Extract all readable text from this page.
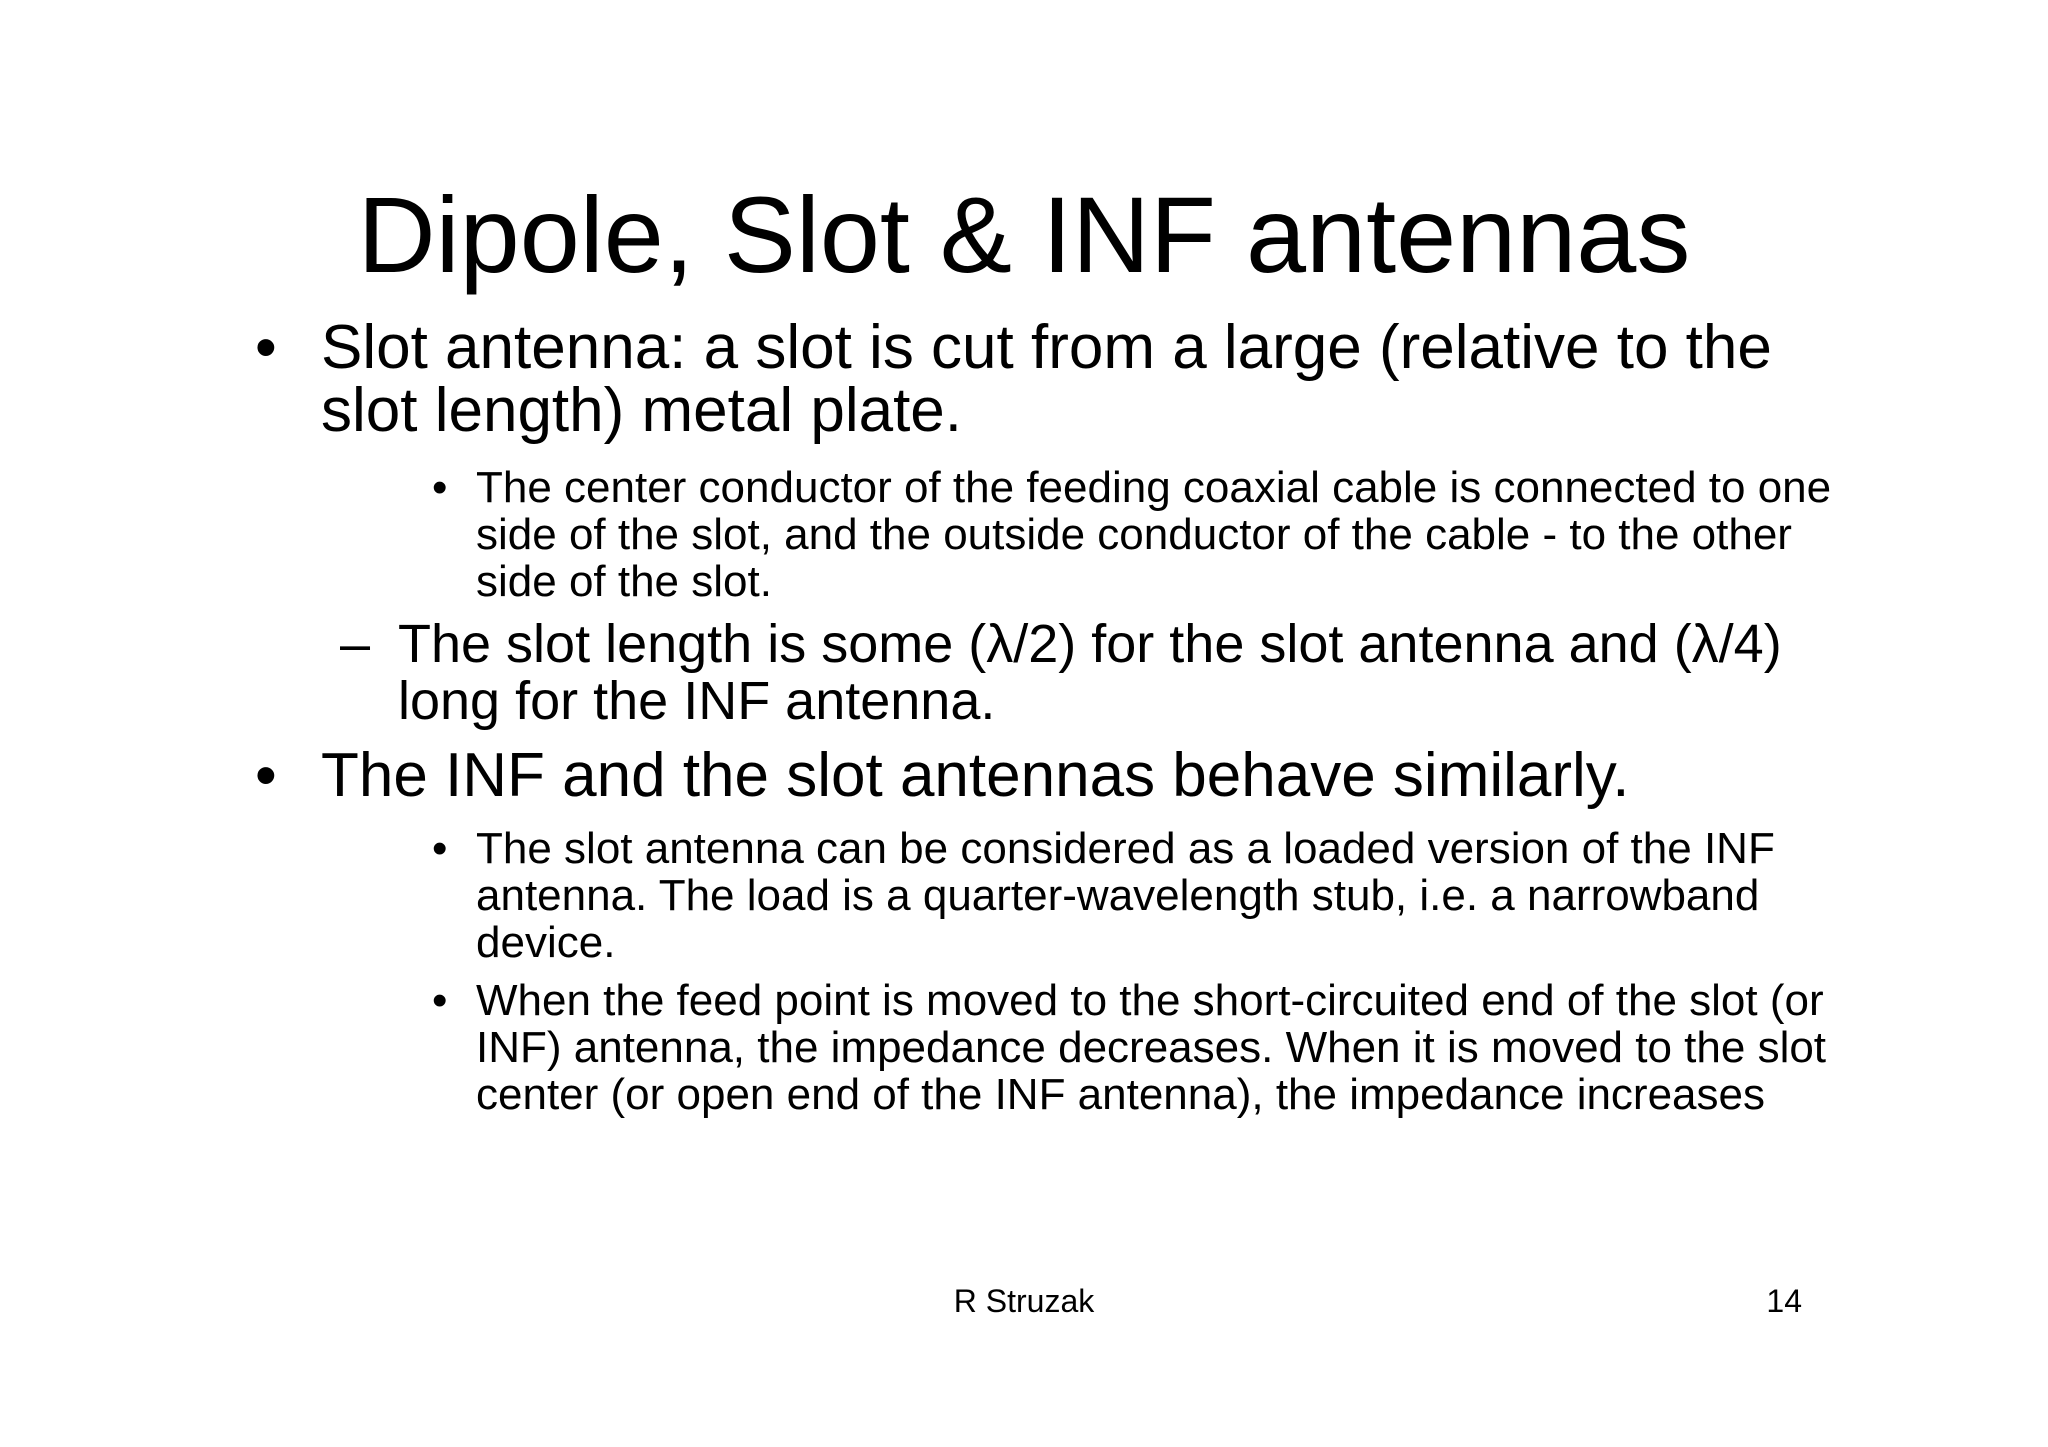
Dipole, Slot & INF antennas
• Slot antenna: a slot is cut from a large (relative to the slot length) metal plate.
• The center conductor of the feeding coaxial cable is connected to one side of the slot, and the outside conductor of the cable - to the other side of the slot.
– The slot length is some (λ/2) for the slot antenna and (λ/4) long for the INF antenna.
• The INF and the slot antennas behave similarly.
• The slot antenna can be considered as a loaded version of the INF antenna. The load is a quarter-wavelength stub, i.e. a narrowband device.
• When the feed point is moved to the short-circuited end of the slot (or INF) antenna, the impedance decreases. When it is moved to the slot center (or open end of the INF antenna), the impedance increases
R Struzak	14
